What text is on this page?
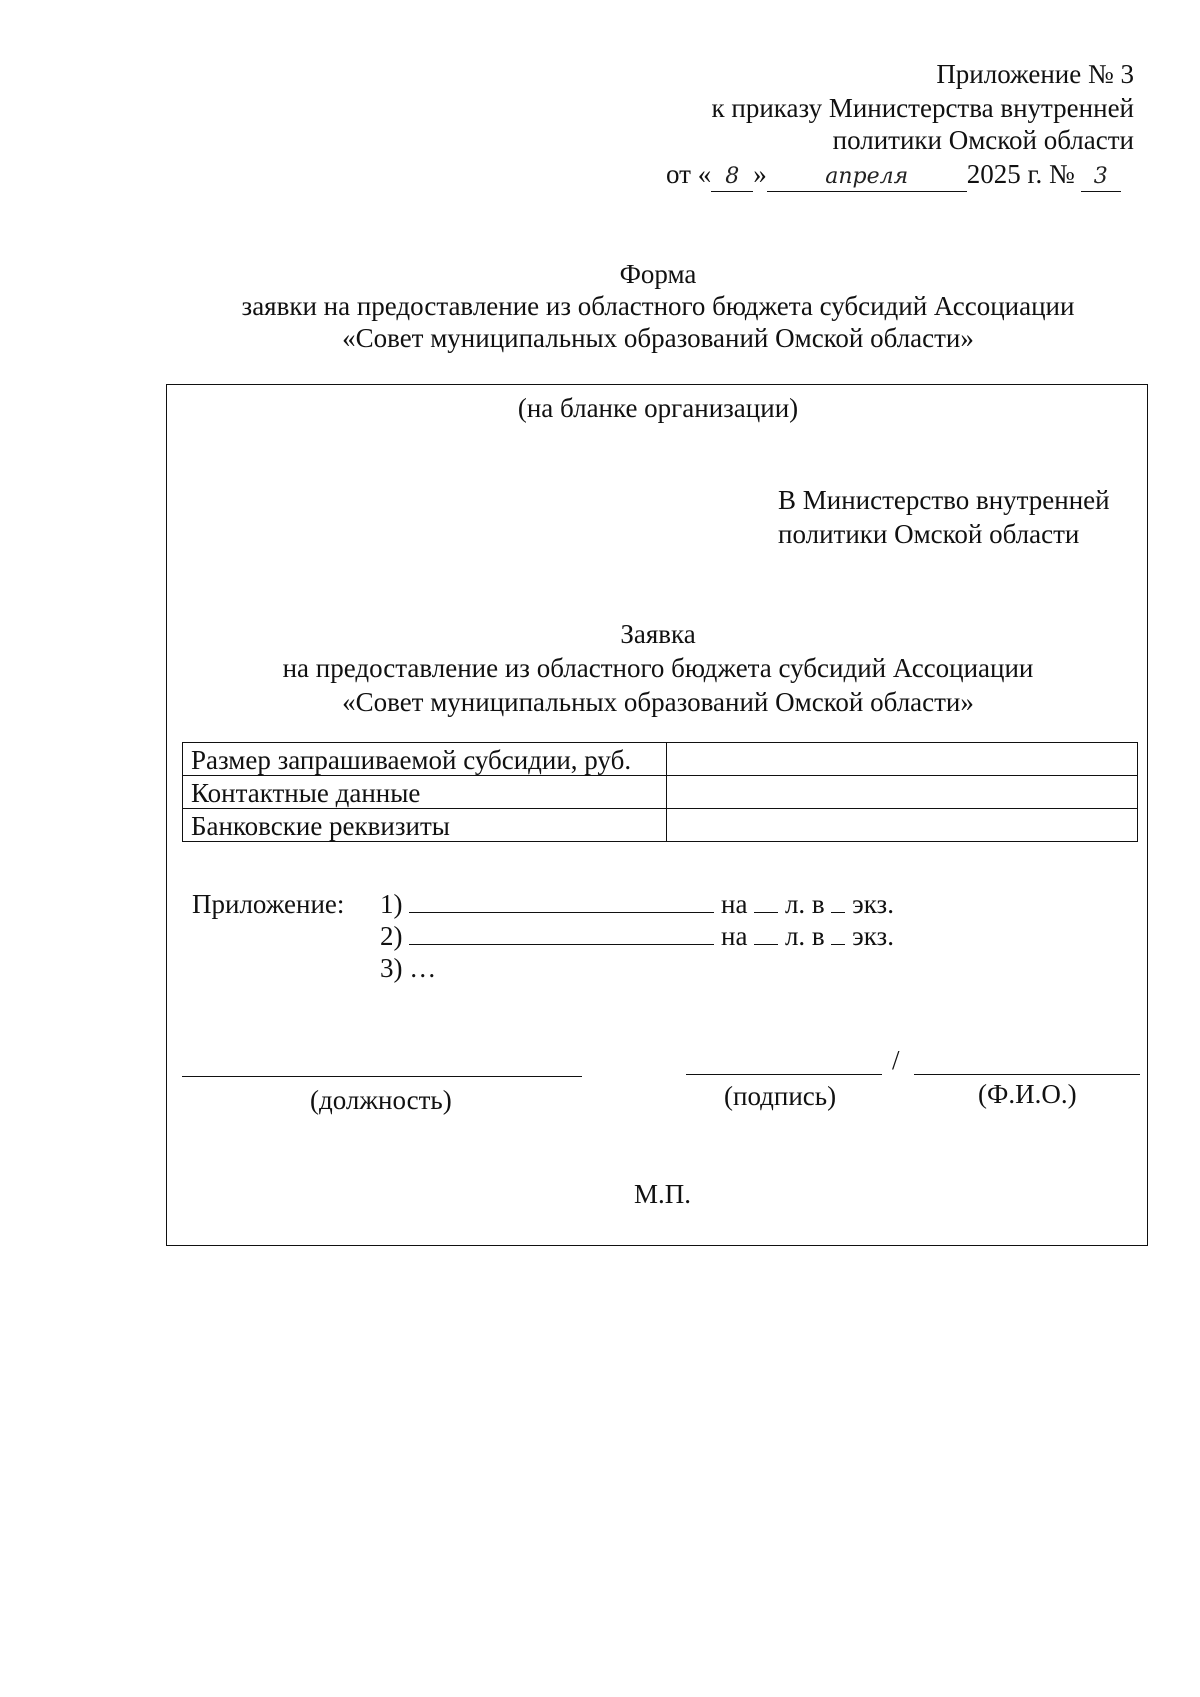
Приложение № 3
к приказу Министерства внутренней
политики Омской области
от « 8 »	апреля 2025 г. № 3
Форма
заявки на предоставление из областного бюджета субсидий Ассоциации
«Совет муниципальных образований Омской области»
(на бланке организации)
В Министерство внутренней
политики Омской области
Заявка
на предоставление из областного бюджета субсидий Ассоциации
«Совет муниципальных образований Омской области»
Размер запрашиваемой субсидии, руб.	
Контактные данные	
Банковские реквизиты	
Приложение: 1)	на л. в экз.
2)	на л. в экз.
3) …
(должность)
/
(подпись)	(Ф.И.О.)
М.П.
